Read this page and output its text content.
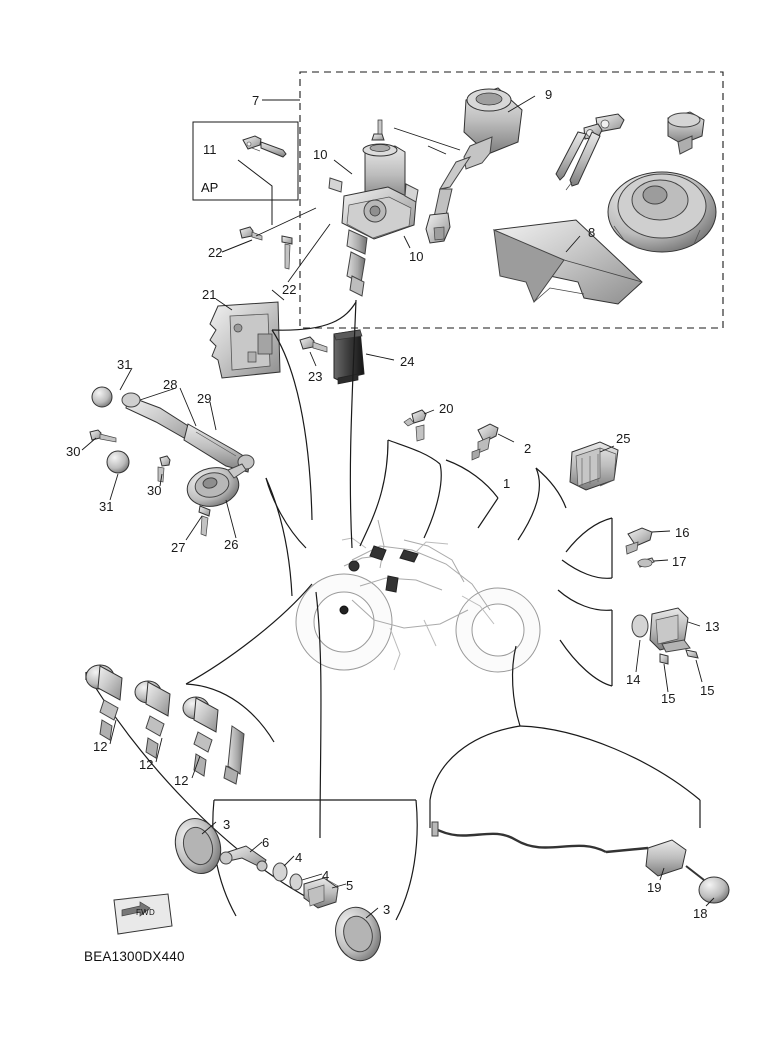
1
2
3
3
4
4
5
6
7
8
9
10
10
11
12
12
12
13
14
15
15
16
17
18
19
20
21
22
22
23
24
25
26
27
28
29
30
30
31
31
AP
FWD
BEA1300DX440
